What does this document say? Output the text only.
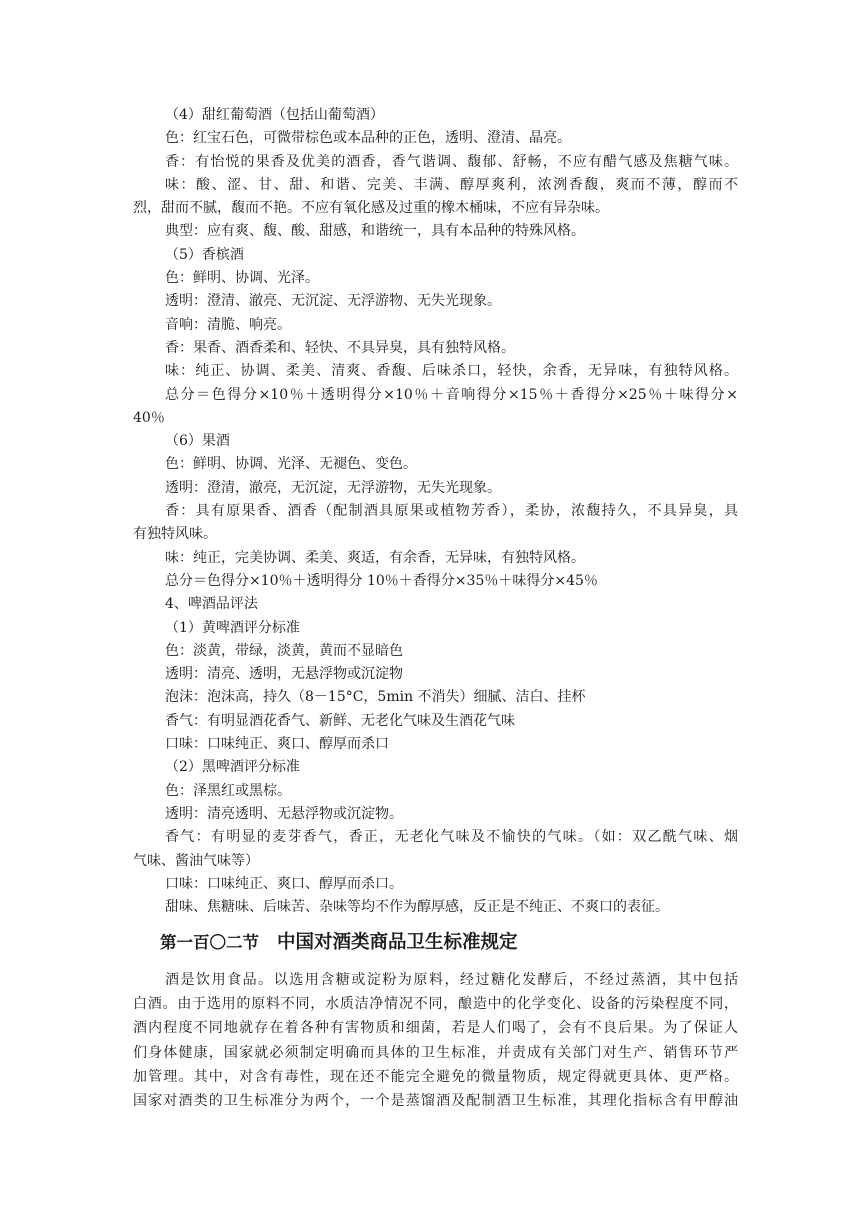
（4）甜红葡萄酒（包括山葡萄酒）
色：红宝石色，可微带棕色或本品种的正色，透明、澄清、晶亮。
香：有怡悦的果香及优美的酒香，香气谐调、馥郁、舒畅，不应有醋气感及焦糖气味。
味：酸、涩、甘、甜、和谐、完美、丰满、醇厚爽利，浓洌香馥，爽而不薄，醇而不
烈，甜而不腻，馥而不艳。不应有氧化感及过重的橡木桶味，不应有异杂味。
典型：应有爽、馥、酸、甜感，和谐统一，具有本品种的特殊风格。
（5）香槟酒
色：鲜明、协调、光泽。
透明：澄清、澈亮、无沉淀、无浮游物、无失光现象。
音响：清脆、响亮。
香：果香、酒香柔和、轻快、不具异臭，具有独特风格。
味：纯正、协调、柔美、清爽、香馥、后味杀口，轻快，余香，无异味，有独特风格。
总分＝色得分×10％＋透明得分×10％＋音响得分×15％＋香得分×25％＋味得分×
40％
（6）果酒
色：鲜明、协调、光泽、无褪色、变色。
透明：澄清，澈亮，无沉淀，无浮游物，无失光现象。
香：具有原果香、酒香（配制酒具原果或植物芳香），柔协，浓馥持久，不具异臭，具
有独特风味。
味：纯正，完美协调、柔美、爽适，有余香，无异味，有独特风格。
总分＝色得分×10％＋透明得分 10％＋香得分×35％＋味得分×45％
4、啤酒品评法
（1）黄啤酒评分标准
色：淡黄，带绿，淡黄，黄而不显暗色
透明：清亮、透明，无悬浮物或沉淀物
泡沫：泡沫高，持久（8－15°C，5min 不消失）细腻、洁白、挂杯
香气：有明显酒花香气、新鲜、无老化气味及生酒花气味
口味：口味纯正、爽口、醇厚而杀口
（2）黑啤酒评分标准
色：泽黑红或黑棕。
透明：清亮透明、无悬浮物或沉淀物。
香气：有明显的麦芽香气，香正，无老化气味及不愉快的气味。（如：双乙酰气味、烟
气味、酱油气味等）
口味：口味纯正、爽口、醇厚而杀口。
甜味、焦糖味、后味苦、杂味等均不作为醇厚感，反正是不纯正、不爽口的表征。
第一百〇二节 中国对酒类商品卫生标准规定
酒是饮用食品。以选用含糖或淀粉为原料，经过糖化发酵后，不经过蒸酒，其中包括
白酒。由于选用的原料不同，水质洁净情况不同，酿造中的化学变化、设备的污染程度不同，
酒内程度不同地就存在着各种有害物质和细菌，若是人们喝了，会有不良后果。为了保证人
们身体健康，国家就必须制定明确而具体的卫生标准，并责成有关部门对生产、销售环节严
加管理。其中，对含有毒性，现在还不能完全避免的微量物质，规定得就更具体、更严格。
国家对酒类的卫生标准分为两个，一个是蒸馏酒及配制酒卫生标准，其理化指标含有甲醇油
